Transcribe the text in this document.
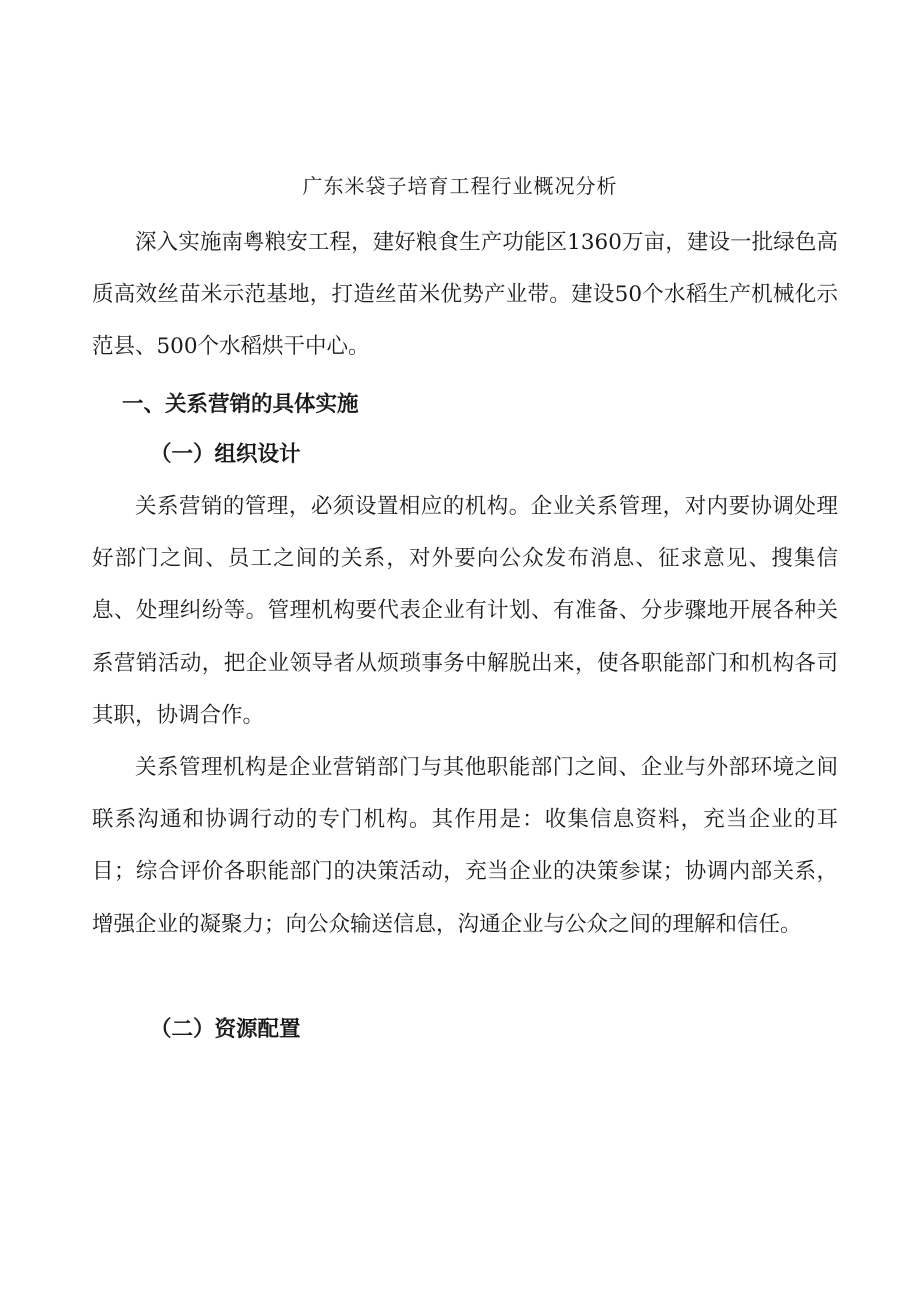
广东米袋子培育工程行业概况分析

深入实施南粤粮安工程，建好粮食生产功能区1360万亩，建设一批绿色高质高效丝苗米示范基地，打造丝苗米优势产业带。建设50个水稻生产机械化示范县、500个水稻烘干中心。

一、关系营销的具体实施
（一）组织设计

关系营销的管理，必须设置相应的机构。企业关系管理，对内要协调处理好部门之间、员工之间的关系，对外要向公众发布消息、征求意见、搜集信息、处理纠纷等。管理机构要代表企业有计划、有准备、分步骤地开展各种关系营销活动，把企业领导者从烦琐事务中解脱出来，使各职能部门和机构各司其职，协调合作。

关系管理机构是企业营销部门与其他职能部门之间、企业与外部环境之间联系沟通和协调行动的专门机构。其作用是：收集信息资料，充当企业的耳目；综合评价各职能部门的决策活动，充当企业的决策参谋；协调内部关系，增强企业的凝聚力；向公众输送信息，沟通企业与公众之间的理解和信任。

（二）资源配置
